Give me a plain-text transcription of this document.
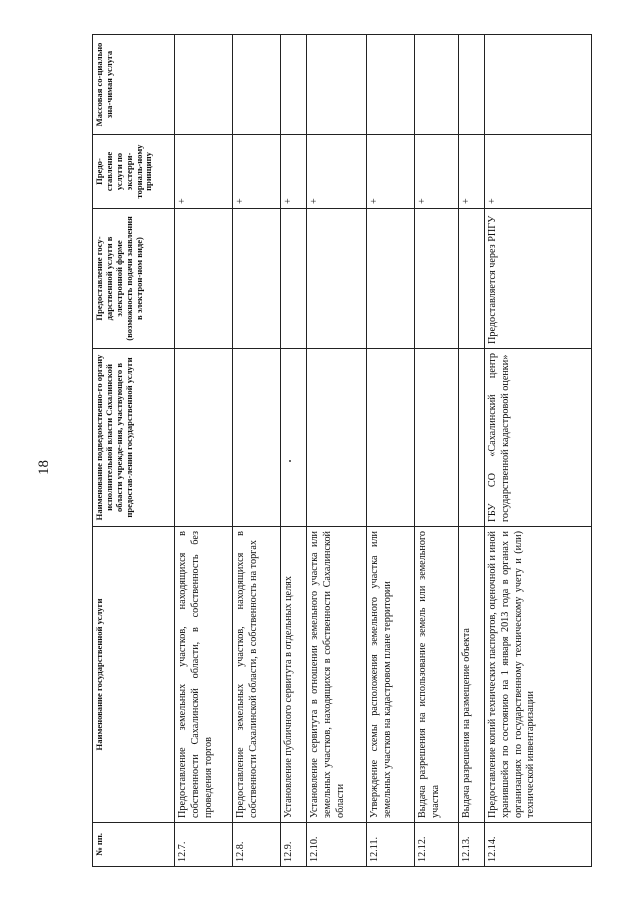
18
№ пп.	Наименование государственной услуги	Наименование подведомственно-го органу исполнительной власти Сахалинской области учрежде-ния, участвующего в предостав-лении государственной услуги	Предоставление госу-дарственной услуги в электронной форме (возможность подачи заявления в электрон-ном виде)	Предо-ставление услуги по экстерри-ториаль-ному принципу	Массовая со-циально зна-чимая услуга
12.7.	Предоставление земельных участков, находящихся в собственности Сахалинской области, в собственность без проведения торгов			+	
12.8.	Предоставление земельных участков, находящихся в собственности Сахалинской области, в собственность на торгах			+	
12.9.	Установление публичного сервитута в отдельных целях			+	
12.10.	Установление сервитута в отношении земельного участка или земельных участков, находящихся в собственности Сахалинской области			+	
12.11.	Утверждение схемы расположения земельного участка или земельных участков на кадастровом плане территории			+	
12.12.	Выдача разрешения на использование земель или земельного участка			+	
12.13.	Выдача разрешения на размещение объекта			+	
12.14.	Предоставление копий технических паспортов, оценочной и иной хранившейся по состоянию на 1 января 2013 года в органах и организациях по государственному техническому учету и (или) технической инвентаризации	ГБУ СО «Сахалинский центр государственной кадастровой оценки»	Предоставляется через РПГУ	+	
